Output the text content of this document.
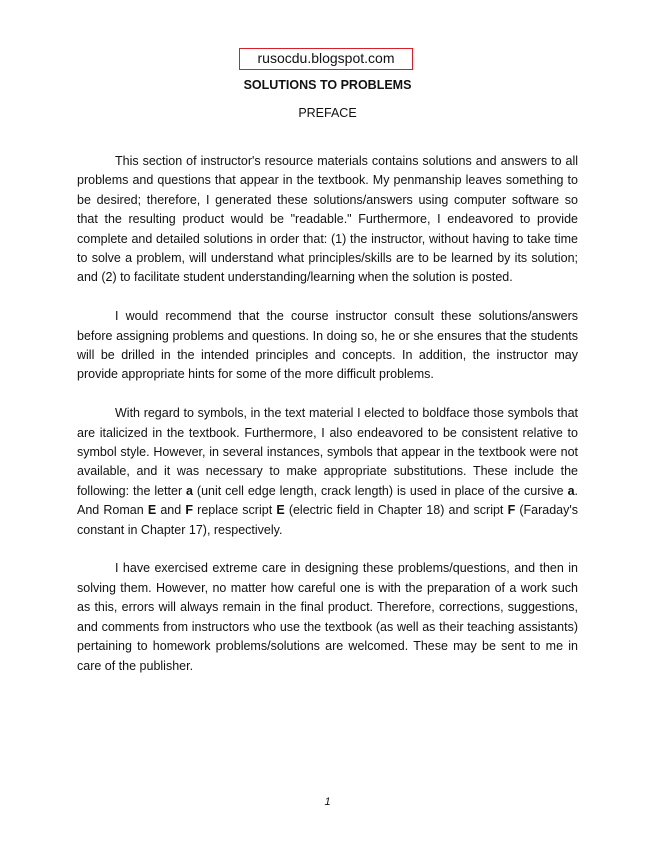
rusocdu.blogspot.com
SOLUTIONS TO PROBLEMS
PREFACE

This section of instructor's resource materials contains solutions and answers to all problems and questions that appear in the textbook. My penmanship leaves something to be desired; therefore, I generated these solutions/answers using computer software so that the resulting product would be "readable." Furthermore, I endeavored to provide complete and detailed solutions in order that: (1) the instructor, without having to take time to solve a problem, will understand what principles/skills are to be learned by its solution; and (2) to facilitate student understanding/learning when the solution is posted.

I would recommend that the course instructor consult these solutions/answers before assigning problems and questions. In doing so, he or she ensures that the students will be drilled in the intended principles and concepts. In addition, the instructor may provide appropriate hints for some of the more difficult problems.

With regard to symbols, in the text material I elected to boldface those symbols that are italicized in the textbook. Furthermore, I also endeavored to be consistent relative to symbol style. However, in several instances, symbols that appear in the textbook were not available, and it was necessary to make appropriate substitutions. These include the following: the letter a (unit cell edge length, crack length) is used in place of the cursive a. And Roman E and F replace script E (electric field in Chapter 18) and script F (Faraday's constant in Chapter 17), respectively.

I have exercised extreme care in designing these problems/questions, and then in solving them. However, no matter how careful one is with the preparation of a work such as this, errors will always remain in the final product. Therefore, corrections, suggestions, and comments from instructors who use the textbook (as well as their teaching assistants) pertaining to homework problems/solutions are welcomed. These may be sent to me in care of the publisher.

1
